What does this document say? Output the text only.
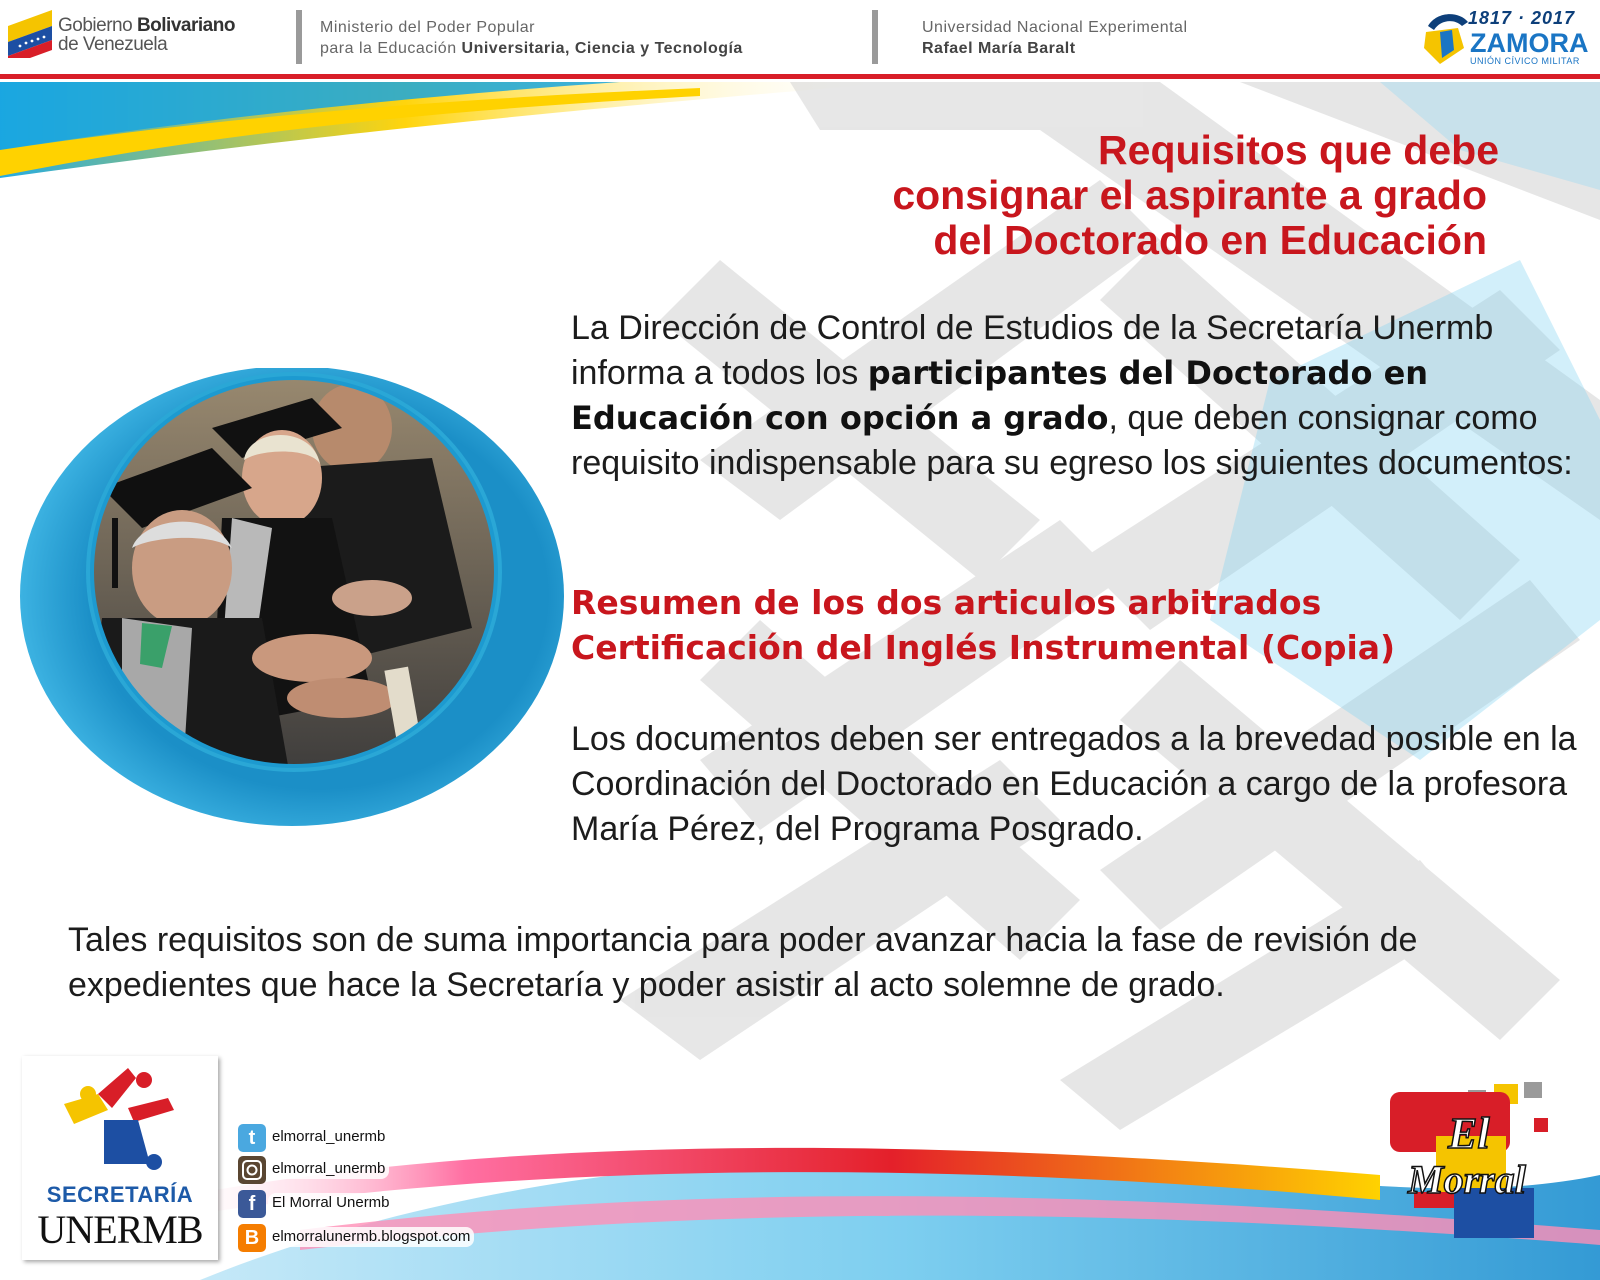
Gobierno Bolivariano
de Venezuela
Ministerio del Poder Popular
para la Educación Universitaria, Ciencia y Tecnología
Universidad Nacional Experimental
Rafael María Baralt
1817 · 2017
ZAMORA
UNIÓN CÍVICO MILITAR
Requisitos que debe
consignar el aspirante a grado
del Doctorado en Educación
La Dirección de Control de Estudios de la Secretaría Unermb informa a todos los participantes del Doctorado en Educación con opción a grado, que deben consignar como requisito indispensable para su egreso los siguientes documentos:
Resumen de los dos articulos arbitrados
Certificación del Inglés Instrumental (Copia)
Los documentos deben ser entregados a la brevedad posible en la Coordinación del Doctorado en Educación a cargo de la profesora María Pérez, del Programa Posgrado.
Tales requisitos son de suma importancia para poder avanzar hacia la fase de revisión de expedientes que hace la Secretaría y poder asistir al acto solemne de grado.
SECRETARÍA
UNERMB
t	elmorral_unermb
elmorral_unermb
f	El Morral Unermb
B elmorralunermb.blogspot.com
El
Morral
